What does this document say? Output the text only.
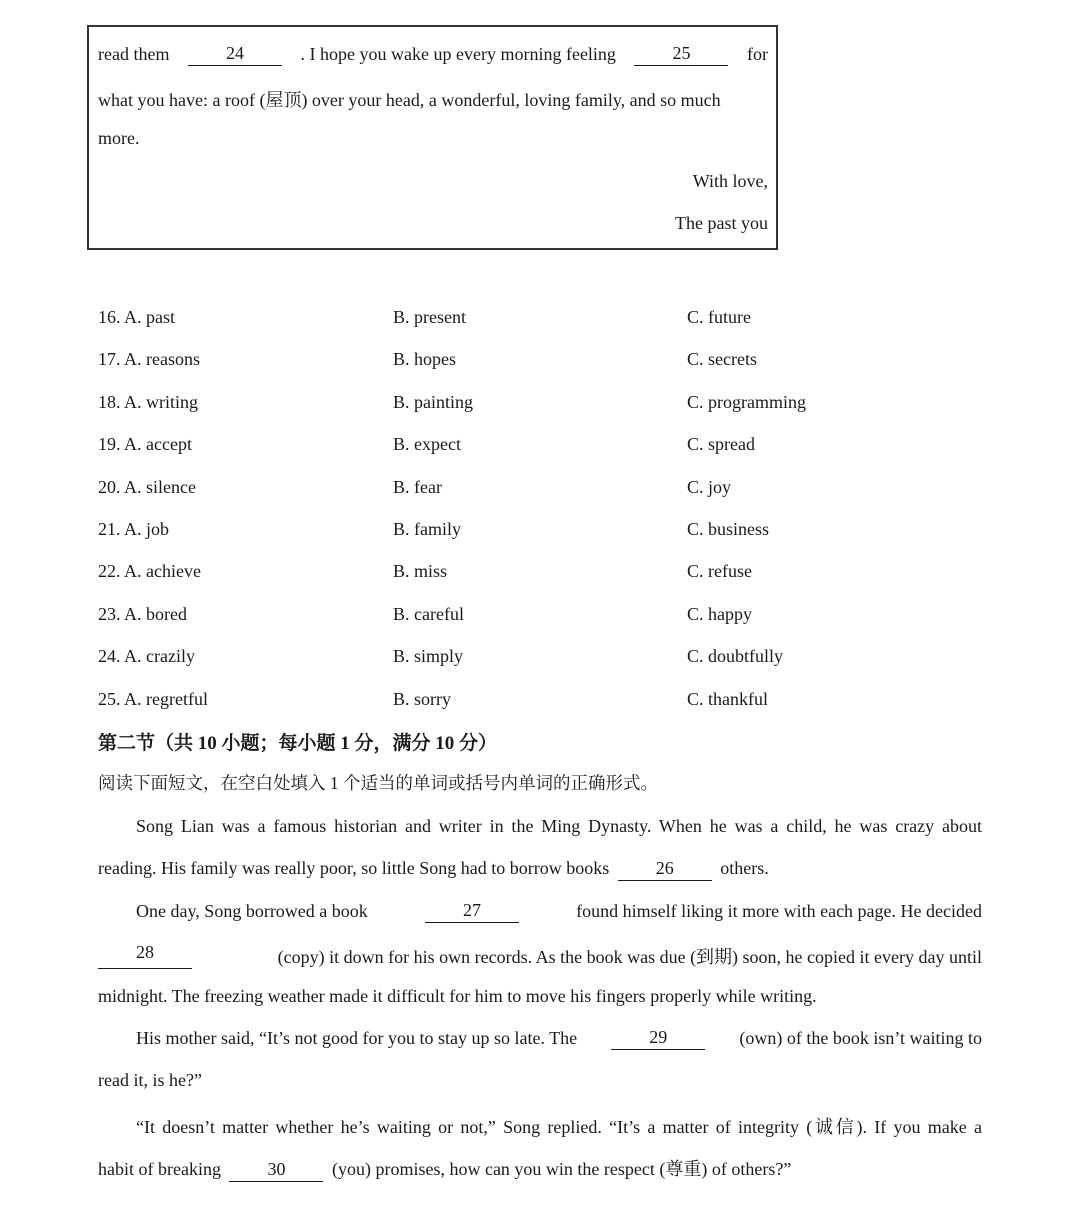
read them	24	. I hope you wake up every morning feeling	25	for
what you have: a roof (屋顶) over your head, a wonderful, loving family, and so much
more.
With love,
The past you
16. A. past	B. present	C. future
17. A. reasons	B. hopes	C. secrets
18. A. writing	B. painting	C. programming
19. A. accept	B. expect	C. spread
20. A. silence	B. fear	C. joy
21. A. job	B. family	C. business
22. A. achieve	B. miss	C. refuse
23. A. bored	B. careful	C. happy
24. A. crazily	B. simply	C. doubtfully
25. A. regretful	B. sorry	C. thankful
第二节（共 10 小题；每小题 1 分，满分 10 分）
阅读下面短文，在空白处填入 1 个适当的单词或括号内单词的正确形式。
Song Lian was a famous historian and writer in the Ming Dynasty. When he was a child, he was crazy about
reading. His family was really poor, so little Song had to borrow books	26	others.
One day, Song borrowed a book	27	found himself liking it more with each page. He decided
28	(copy) it down for his own records. As the book was due (到期) soon, he copied it every day until
midnight. The freezing weather made it difficult for him to move his fingers properly while writing.
His mother said, “It’s not good for you to stay up so late. The	29	(own) of the book isn’t waiting to
read it, is he?”
“It doesn’t matter whether he’s waiting or not,” Song replied. “It’s a matter of integrity (诚信). If you make a
habit of breaking	30	(you) promises, how can you win the respect (尊重) of others?”
